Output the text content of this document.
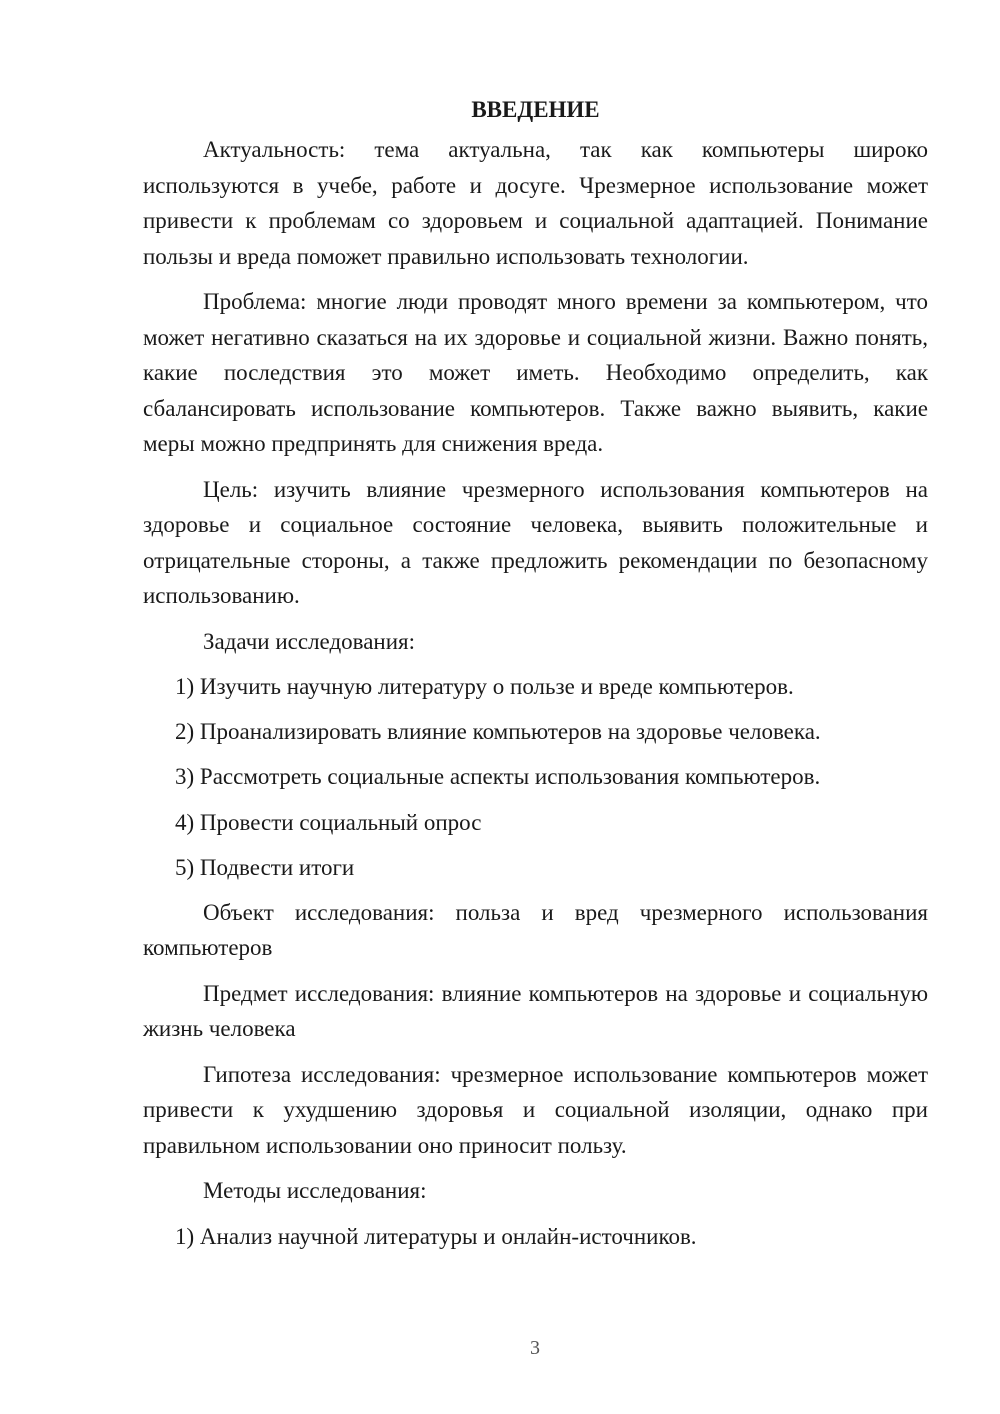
ВВЕДЕНИЕ

Актуальность: тема актуальна, так как компьютеры широко используются в учебе, работе и досуге. Чрезмерное использование может привести к проблемам со здоровьем и социальной адаптацией. Понимание пользы и вреда поможет правильно использовать технологии.

Проблема: многие люди проводят много времени за компьютером, что может негативно сказаться на их здоровье и социальной жизни. Важно понять, какие последствия это может иметь. Необходимо определить, как сбалансировать использование компьютеров. Также важно выявить, какие меры можно предпринять для снижения вреда.

Цель: изучить влияние чрезмерного использования компьютеров на здоровье и социальное состояние человека, выявить положительные и отрицательные стороны, а также предложить рекомендации по безопасному использованию.

Задачи исследования:

1) Изучить научную литературу о пользе и вреде компьютеров.
2) Проанализировать влияние компьютеров на здоровье человека.
3) Рассмотреть социальные аспекты использования компьютеров.
4) Провести социальный опрос
5) Подвести итоги

Объект исследования: польза и вред чрезмерного использования компьютеров

Предмет исследования: влияние компьютеров на здоровье и социальную жизнь человека

Гипотеза исследования: чрезмерное использование компьютеров может привести к ухудшению здоровья и социальной изоляции, однако при правильном использовании оно приносит пользу.

Методы исследования:

1) Анализ научной литературы и онлайн-источников.
3
